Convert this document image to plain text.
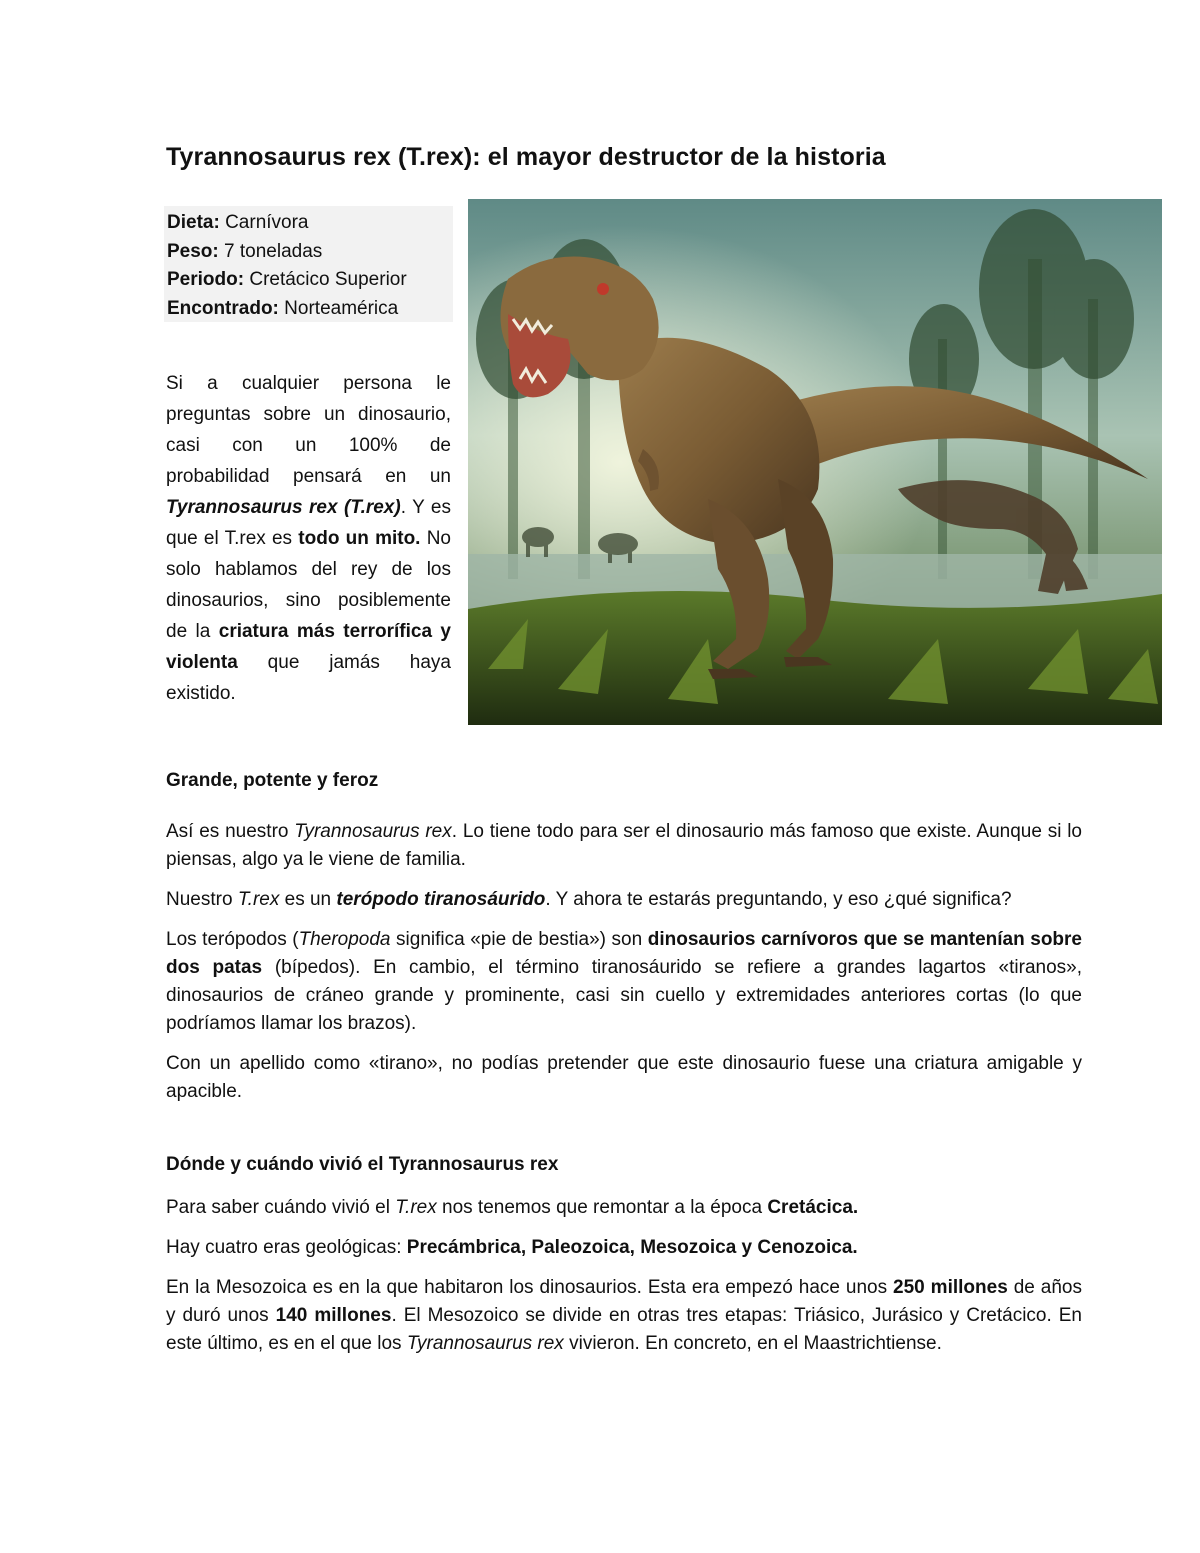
Tyrannosaurus rex (T.rex): el mayor destructor de la historia
Dieta: Carnívora
Peso: 7 toneladas
Periodo: Cretácico Superior
Encontrado: Norteamérica
Si a cualquier persona le preguntas sobre un dinosaurio, casi con un 100% de probabilidad pensará en un Tyrannosaurus rex (T.rex). Y es que el T.rex es todo un mito. No solo hablamos del rey de los dinosaurios, sino posiblemente de la criatura más terrorífica y violenta que jamás haya existido.
Grande, potente y feroz

Así es nuestro Tyrannosaurus rex. Lo tiene todo para ser el dinosaurio más famoso que existe. Aunque si lo piensas, algo ya le viene de familia.

Nuestro T.rex es un terópodo tiranosáurido. Y ahora te estarás preguntando, y eso ¿qué significa?

Los terópodos (Theropoda significa «pie de bestia») son dinosaurios carnívoros que se mantenían sobre dos patas (bípedos). En cambio, el término tiranosáurido se refiere a grandes lagartos «tiranos», dinosaurios de cráneo grande y prominente, casi sin cuello y extremidades anteriores cortas (lo que podríamos llamar los brazos).

Con un apellido como «tirano», no podías pretender que este dinosaurio fuese una criatura amigable y apacible.

Dónde y cuándo vivió el Tyrannosaurus rex

Para saber cuándo vivió el T.rex nos tenemos que remontar a la época Cretácica.

Hay cuatro eras geológicas: Precámbrica, Paleozoica, Mesozoica y Cenozoica.

En la Mesozoica es en la que habitaron los dinosaurios. Esta era empezó hace unos 250 millones de años y duró unos 140 millones. El Mesozoico se divide en otras tres etapas: Triásico, Jurásico y Cretácico. En este último, es en el que los Tyrannosaurus rex vivieron. En concreto, en el Maastrichtiense.
